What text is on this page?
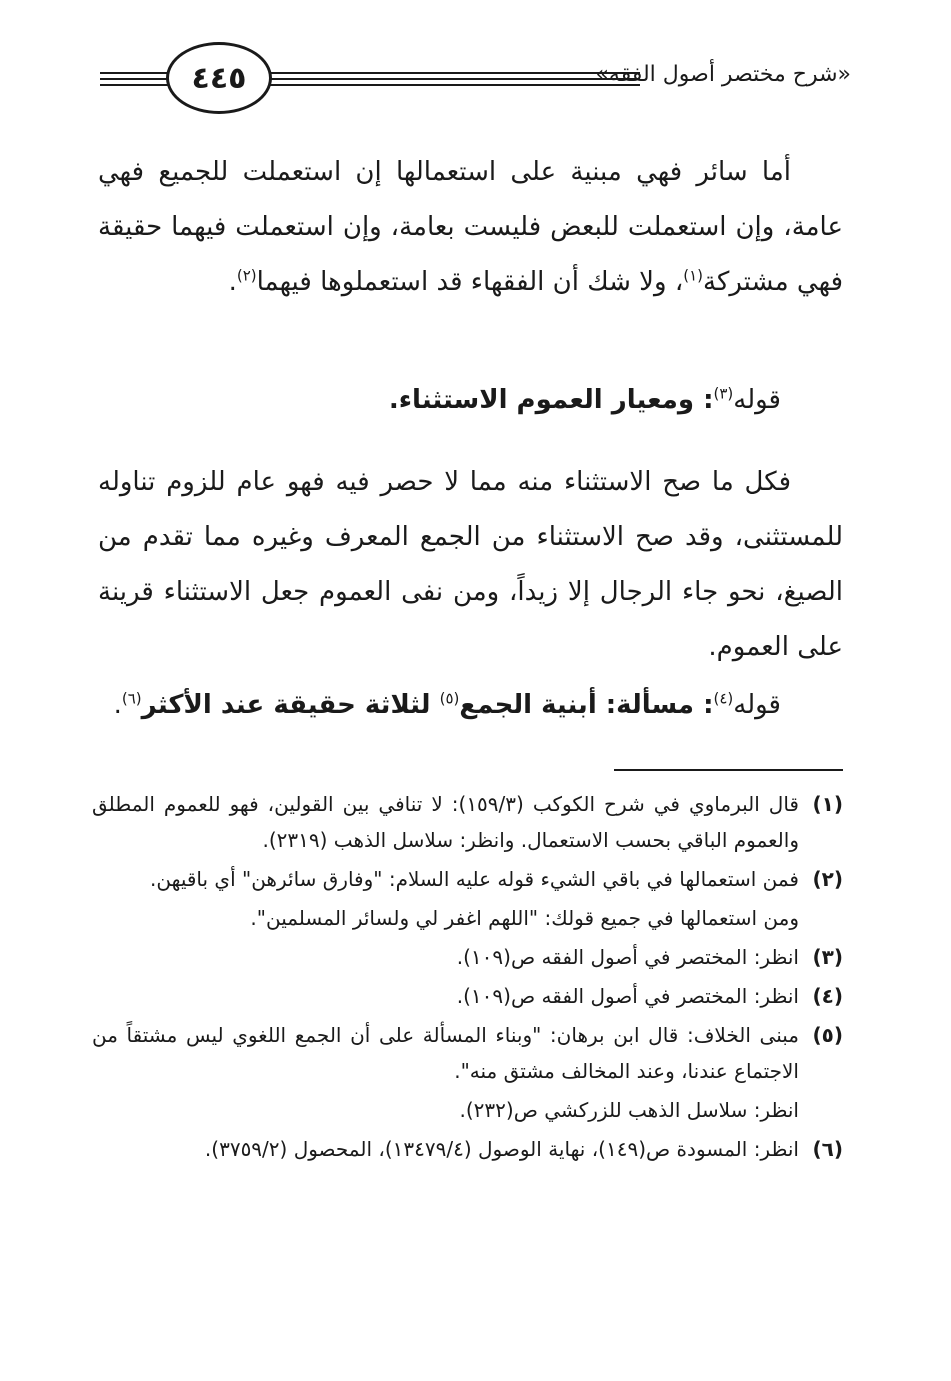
٤٤٥	«شرح مختصر أصول الفقه»

أما سائر فهي مبنية على استعمالها إن استعملت للجميع فهي عامة، وإن استعملت للبعض فليست بعامة، وإن استعملت فيهما حقيقة فهي مشتركة$^{(١)}$، ولا شك أن الفقهاء قد استعملوها فيهما$^{(٢)}$.

قوله$^{(٣)}$: ومعيار العموم الاستثناء.

فكل ما صح الاستثناء منه مما لا حصر فيه فهو عام للزوم تناوله للمستثنى، وقد صح الاستثناء من الجمع المعرف وغيره مما تقدم من الصيغ، نحو جاء الرجال إلا زيداً، ومن نفى العموم جعل الاستثناء قرينة على العموم.

قوله$^{(٤)}$: مسألة: أبنية الجمع$^{(٥)}$ لثلاثة حقيقة عند الأكثر$^{(٦)}$.

(١)
قال البرماوي في شرح الكوكب (١٥٩/٣): لا تنافي بين القولين، فهو للعموم المطلق والعموم الباقي بحسب الاستعمال. وانظر: سلاسل الذهب (٢٣١٩).

(٢)
فمن استعمالها في باقي الشيء قوله عليه السلام: "وفارق سائرهن" أي باقيهن.

ومن استعمالها في جميع قولك: "اللهم اغفر لي ولسائر المسلمين".

(٣)
انظر: المختصر في أصول الفقه ص(١٠٩).

(٤)
انظر: المختصر في أصول الفقه ص(١٠٩).

(٥)
مبنى الخلاف: قال ابن برهان: "وبناء المسألة على أن الجمع اللغوي ليس مشتقاً من الاجتماع عندنا، وعند المخالف مشتق منه".

انظر: سلاسل الذهب للزركشي ص(٢٣٢).

(٦)
انظر: المسودة ص(١٤٩)، نهاية الوصول (١٣٤٧٩/٤)، المحصول (٣٧٥٩/٢).
